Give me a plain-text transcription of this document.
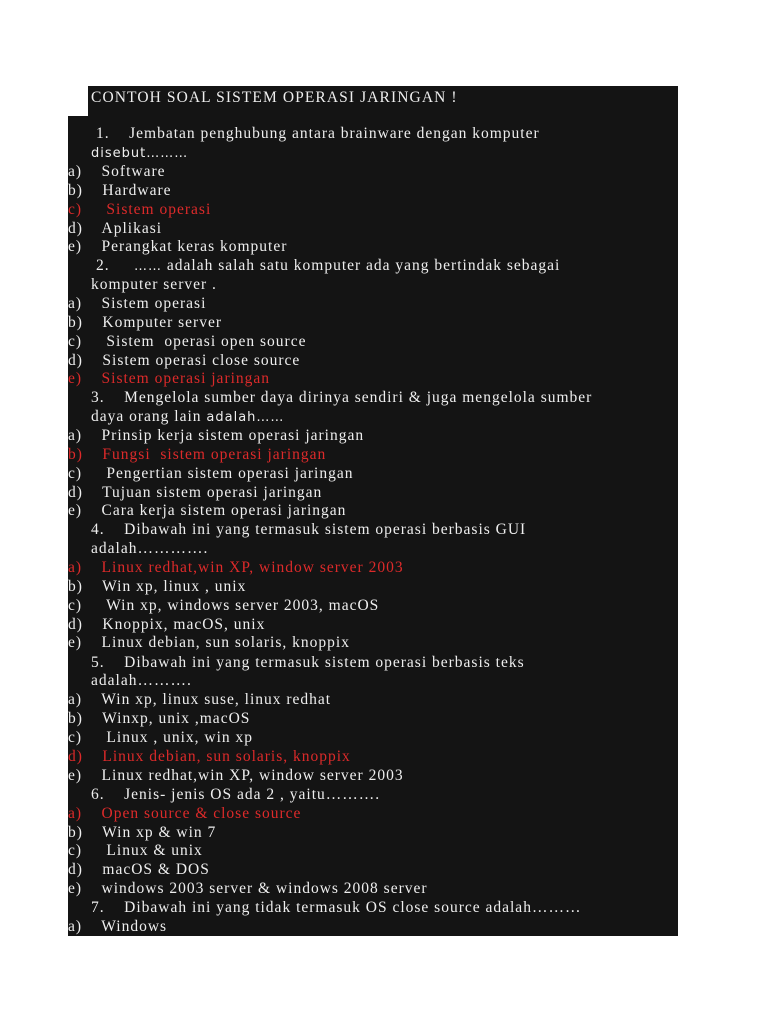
CONTOH SOAL SISTEM OPERASI JARINGAN !
1.    Jembatan penghubung antara brainware dengan komputer
disebut………
a)    Software
b)    Hardware
c)     Sistem operasi
d)    Aplikasi
e)    Perangkat keras komputer
2. …… adalah salah satu komputer ada yang bertindak sebagai
komputer server .
a)    Sistem operasi
b)    Komputer server
c)     Sistem  operasi open source
d)    Sistem operasi close source
e)    Sistem operasi jaringan
3.    Mengelola sumber daya dirinya sendiri & juga mengelola sumber
daya orang lain adalah……
a)    Prinsip kerja sistem operasi jaringan
b)    Fungsi  sistem operasi jaringan
c)     Pengertian sistem operasi jaringan
d)    Tujuan sistem operasi jaringan
e)    Cara kerja sistem operasi jaringan
4.    Dibawah ini yang termasuk sistem operasi berbasis GUI
adalah………….
a)    Linux redhat,win XP, window server 2003
b)    Win xp, linux , unix
c)     Win xp, windows server 2003, macOS
d)    Knoppix, macOS, unix
e)    Linux debian, sun solaris, knoppix
5.    Dibawah ini yang termasuk sistem operasi berbasis teks
adalah……….
a)    Win xp, linux suse, linux redhat
b)    Winxp, unix ,macOS
c)     Linux , unix, win xp
d)    Linux debian, sun solaris, knoppix
e)    Linux redhat,win XP, window server 2003
6.    Jenis- jenis OS ada 2 , yaitu……….
a)    Open source & close source
b)    Win xp & win 7
c)     Linux & unix
d)    macOS & DOS
e)    windows 2003 server & windows 2008 server
7.    Dibawah ini yang tidak termasuk OS close source adalah………
a)    Windows
